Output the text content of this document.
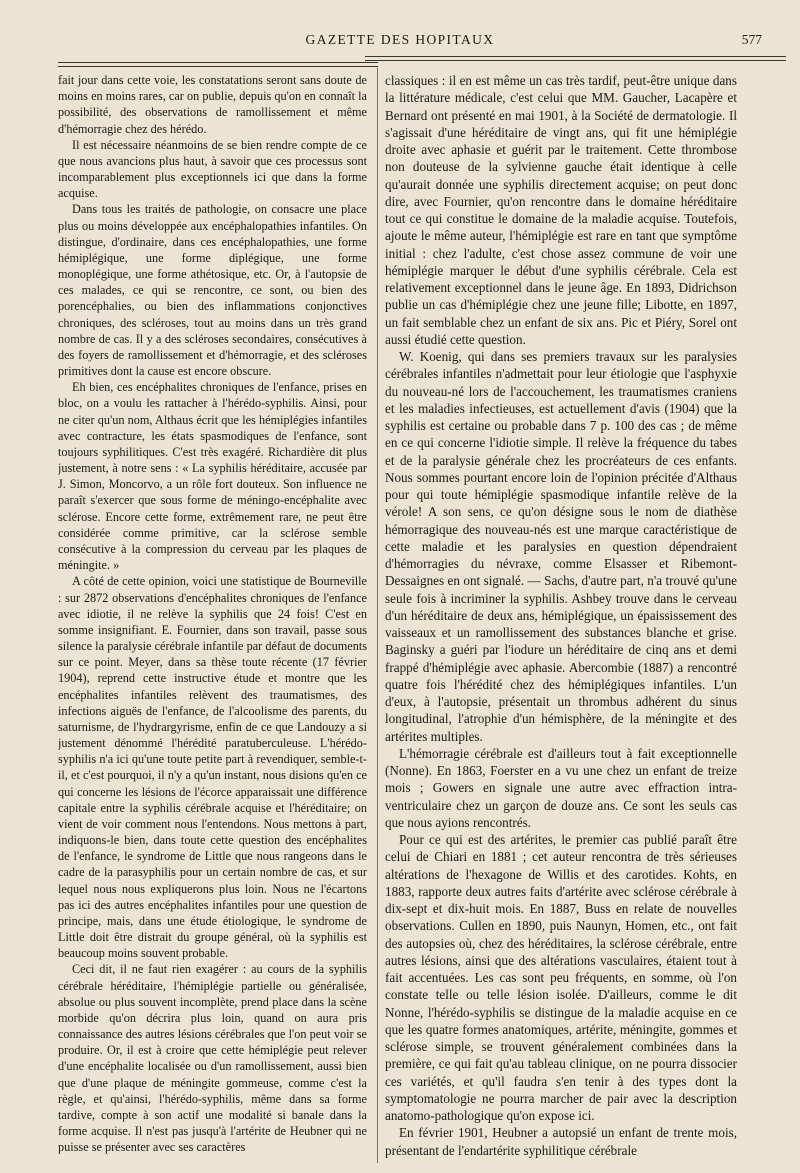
GAZETTE DES HOPITAUX	577

fait jour dans cette voie, les constatations seront sans doute de moins en moins rares, car on publie, depuis qu'on en connaît la possibilité, des observations de ramollissement et même d'hémorragie chez des hérédo.

Il est nécessaire néanmoins de se bien rendre compte de ce que nous avancions plus haut, à savoir que ces processus sont incomparablement plus exceptionnels ici que dans la forme acquise.

Dans tous les traités de pathologie, on consacre une place plus ou moins développée aux encéphalopathies infantiles. On distingue, d'ordinaire, dans ces encéphalopathies, une forme hémiplégique, une forme diplégique, une forme monoplégique, une forme athétosique, etc. Or, à l'autopsie de ces malades, ce qui se rencontre, ce sont, ou bien des porencéphalies, ou bien des inflammations conjonctives chroniques, des scléroses, tout au moins dans un très grand nombre de cas. Il y a des scléroses secondaires, consécutives à des foyers de ramollissement et d'hémorragie, et des scléroses primitives dont la cause est encore obscure.

Eh bien, ces encéphalites chroniques de l'enfance, prises en bloc, on a voulu les rattacher à l'hérédo-syphilis. Ainsi, pour ne citer qu'un nom, Althaus écrit que les hémiplégies infantiles avec contracture, les états spasmodiques de l'enfance, sont toujours syphilitiques. C'est très exagéré. Richardière dit plus justement, à notre sens : « La syphilis héréditaire, accusée par J. Simon, Moncorvo, a un rôle fort douteux. Son influence ne paraît s'exercer que sous forme de méningo-encéphalite avec sclérose. Encore cette forme, extrêmement rare, ne peut être considérée comme primitive, car la sclérose semble consécutive à la compression du cerveau par les plaques de méningite. »

A côté de cette opinion, voici une statistique de Bourneville : sur 2872 observations d'encéphalites chroniques de l'enfance avec idiotie, il ne relève la syphilis que 24 fois! C'est en somme insignifiant. E. Fournier, dans son travail, passe sous silence la paralysie cérébrale infantile par défaut de documents sur ce point. Meyer, dans sa thèse toute récente (17 février 1904), reprend cette instructive étude et montre que les encéphalites infantiles relèvent des traumatismes, des infections aiguës de l'enfance, de l'alcoolisme des parents, du saturnisme, de l'hydrargyrisme, enfin de ce que Landouzy a si justement dénommé l'hérédité paratuberculeuse. L'hérédo-syphilis n'a ici qu'une toute petite part à revendiquer, semble-t-il, et c'est pourquoi, il n'y a qu'un instant, nous disions qu'en ce qui concerne les lésions de l'écorce apparaissait une différence capitale entre la syphilis cérébrale acquise et l'héréditaire; on vient de voir comment nous l'entendons. Nous mettons à part, indiquons-le bien, dans toute cette question des encéphalites de l'enfance, le syndrome de Little que nous rangeons dans le cadre de la parasyphilis pour un certain nombre de cas, et sur lequel nous nous expliquerons plus loin. Nous ne l'écartons pas ici des autres encéphalites infantiles pour une question de principe, mais, dans une étude étiologique, le syndrome de Little doit être distrait du groupe général, où la syphilis est beaucoup moins souvent probable.

Ceci dit, il ne faut rien exagérer : au cours de la syphilis cérébrale héréditaire, l'hémiplégie partielle ou généralisée, absolue ou plus souvent incomplète, prend place dans la scène morbide qu'on décrira plus loin, quand on aura pris connaissance des autres lésions cérébrales que l'on peut voir se produire. Or, il est à croire que cette hémiplégie peut relever d'une encéphalite localisée ou d'un ramollissement, aussi bien que d'une plaque de méningite gommeuse, comme c'est la règle, et qu'ainsi, l'hérédo-syphilis, même dans sa forme tardive, compte à son actif une modalité si banale dans la forme acquise. Il n'est pas jusqu'à l'artérite de Heubner qui ne puisse se présenter avec ses caractères

classiques : il en est même un cas très tardif, peut-être unique dans la littérature médicale, c'est celui que MM. Gaucher, Lacapère et Bernard ont présenté en mai 1901, à la Société de dermatologie. Il s'agissait d'une héréditaire de vingt ans, qui fit une hémiplégie droite avec aphasie et guérit par le traitement. Cette thrombose non douteuse de la sylvienne gauche était identique à celle qu'aurait donnée une syphilis directement acquise; on peut donc dire, avec Fournier, qu'on rencontre dans le domaine héréditaire tout ce qui constitue le domaine de la maladie acquise. Toutefois, ajoute le même auteur, l'hémiplégie est rare en tant que symptôme initial : chez l'adulte, c'est chose assez commune de voir une hémiplégie marquer le début d'une syphilis cérébrale. Cela est relativement exceptionnel dans le jeune âge. En 1893, Didrichson publie un cas d'hémiplégie chez une jeune fille; Libotte, en 1897, un fait semblable chez un enfant de six ans. Pic et Piéry, Sorel ont aussi étudié cette question.

W. Koenig, qui dans ses premiers travaux sur les paralysies cérébrales infantiles n'admettait pour leur étiologie que l'asphyxie du nouveau-né lors de l'accouchement, les traumatismes craniens et les maladies infectieuses, est actuellement d'avis (1904) que la syphilis est certaine ou probable dans 7 p. 100 des cas ; de même en ce qui concerne l'idiotie simple. Il relève la fréquence du tabes et de la paralysie générale chez les procréateurs de ces enfants. Nous sommes pourtant encore loin de l'opinion précitée d'Althaus pour qui toute hémiplégie spasmodique infantile relève de la vérole! A son sens, ce qu'on désigne sous le nom de diathèse hémorragique des nouveau-nés est une marque caractéristique de cette maladie et les paralysies en question dépendraient d'hémorragies du névraxe, comme Elsasser et Ribemont-Dessaignes en ont signalé. — Sachs, d'autre part, n'a trouvé qu'une seule fois à incriminer la syphilis. Ashbey trouve dans le cerveau d'un héréditaire de deux ans, hémiplégique, un épaississement des vaisseaux et un ramollissement des substances blanche et grise. Baginsky a guéri par l'iodure un héréditaire de cinq ans et demi frappé d'hémiplégie avec aphasie. Abercombie (1887) a rencontré quatre fois l'hérédité chez des hémiplégiques infantiles. L'un d'eux, à l'autopsie, présentait un thrombus adhérent du sinus longitudinal, l'atrophie d'un hémisphère, de la méningite et des artérites multiples.

L'hémorragie cérébrale est d'ailleurs tout à fait exceptionnelle (Nonne). En 1863, Foerster en a vu une chez un enfant de treize mois ; Gowers en signale une autre avec effraction intra-ventriculaire chez un garçon de douze ans. Ce sont les seuls cas que nous ayions rencontrés.

Pour ce qui est des artérites, le premier cas publié paraît être celui de Chiari en 1881 ; cet auteur rencontra de très sérieuses altérations de l'hexagone de Willis et des carotides. Kohts, en 1883, rapporte deux autres faits d'artérite avec sclérose cérébrale à dix-sept et dix-huit mois. En 1887, Buss en relate de nouvelles observations. Cullen en 1890, puis Naunyn, Homen, etc., ont fait des autopsies où, chez des héréditaires, la sclérose cérébrale, entre autres lésions, ainsi que des altérations vasculaires, étaient tout à fait accentuées. Les cas sont peu fréquents, en somme, où l'on constate telle ou telle lésion isolée. D'ailleurs, comme le dit Nonne, l'hérédo-syphilis se distingue de la maladie acquise en ce que les quatre formes anatomiques, artérite, méningite, gommes et sclérose simple, se trouvent généralement combinées dans la première, ce qui fait qu'au tableau clinique, on ne pourra dissocier ces variétés, et qu'il faudra s'en tenir à des types dont la symptomatologie ne pourra marcher de pair avec la description anatomo-pathologique qu'on expose ici.

En février 1901, Heubner a autopsié un enfant de trente mois, présentant de l'endartérite syphilitique cérébrale
